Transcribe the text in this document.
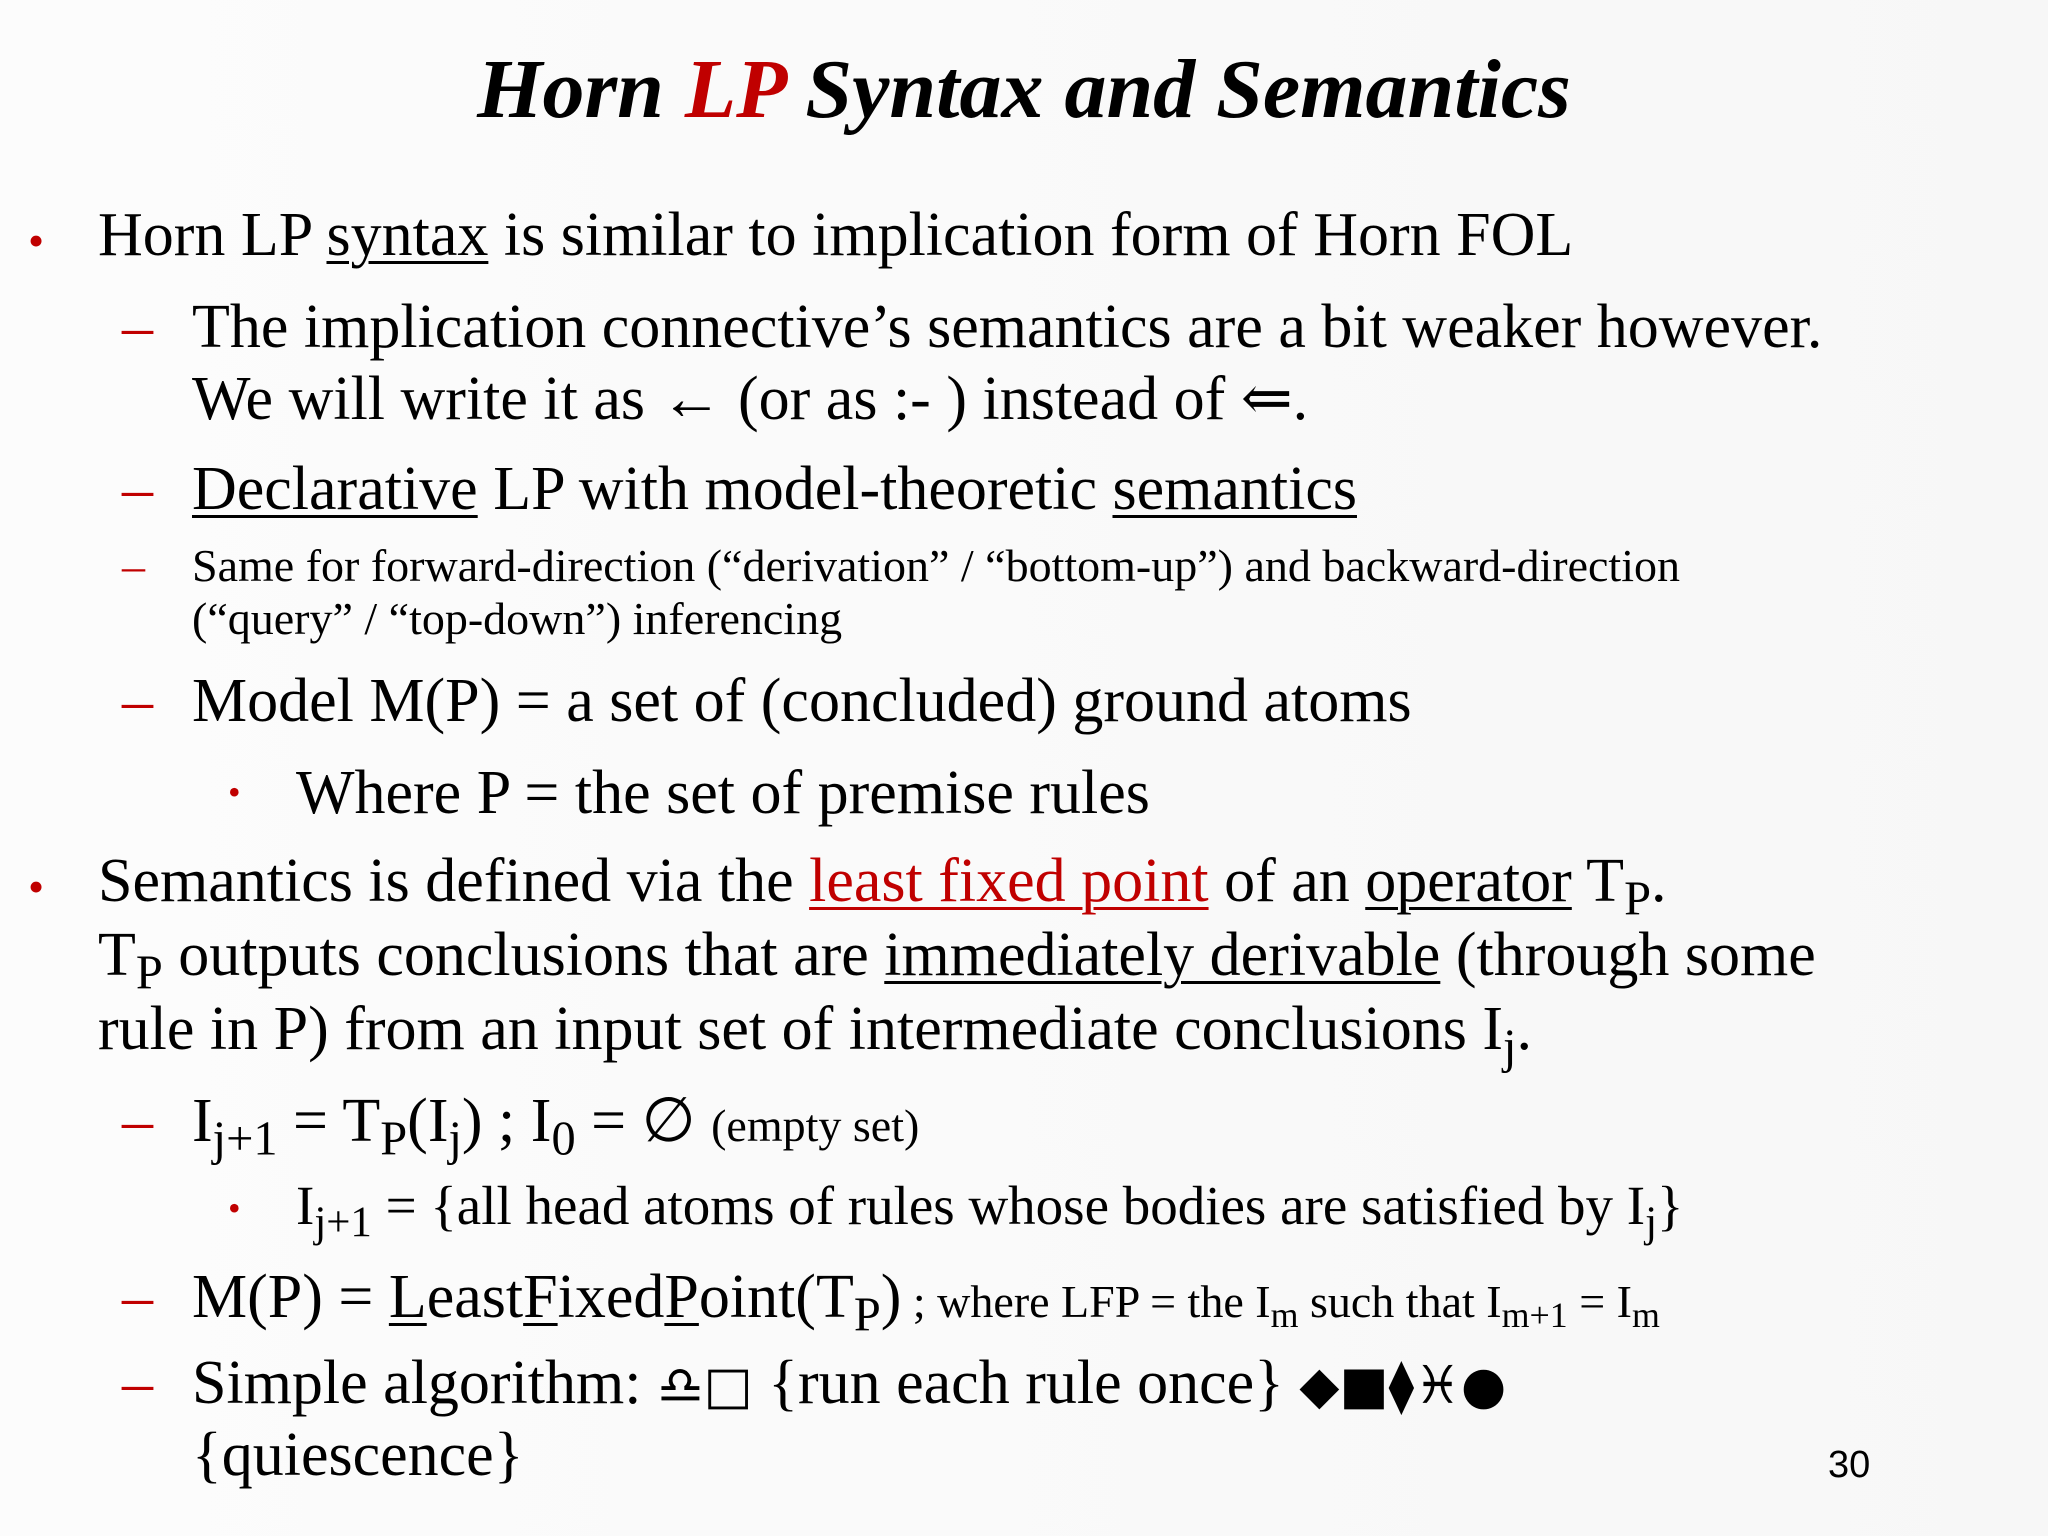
Horn LP Syntax and Semantics
• Horn LP syntax is similar to implication form of Horn FOL
– The implication connective’s semantics are a bit weaker however.
We will write it as ← (or as :- ) instead of ⇐.
– Declarative LP with model-theoretic semantics
– Same for forward-direction (“derivation” / “bottom-up”) and backward-direction
(“query” / “top-down”) inferencing
– Model M(P) = a set of (concluded) ground atoms
• Where P = the set of premise rules
• Semantics is defined via the least fixed point of an operator $T_P$.
$T_P$ outputs conclusions that are immediately derivable (through some
rule in P) from an input set of intermediate conclusions $I_j$.
– $I_{j+1} = T_P(I_j)$ ; $I_0$ = ∅ (empty set)
• $I_{j+1} = \{all$ head atoms of rules whose bodies are satisfied by $I_j$}
– $M(P) = LeastFixedPoint(T_P)$ ; where LFP = the $I_m$ such that $I_{m+1} = I_m$
– Simple algorithm: ♎□ {run each rule once} ◆■⧫♓●
{quiescence}	30
